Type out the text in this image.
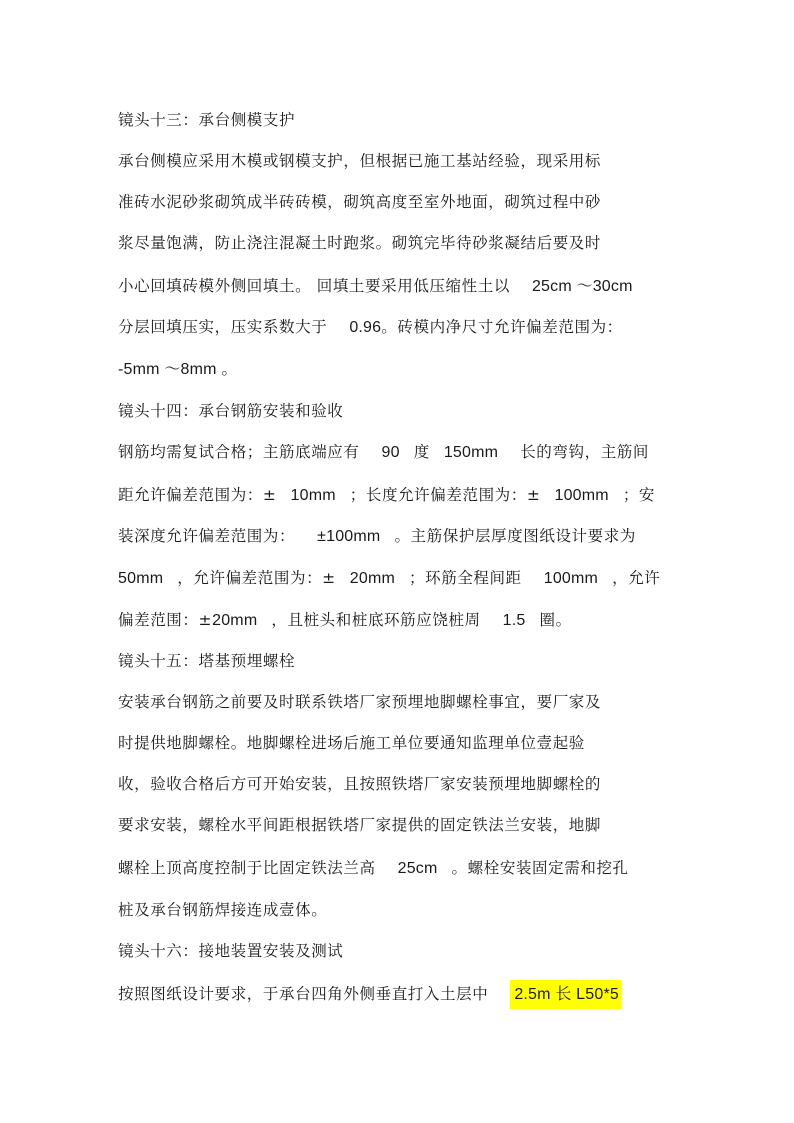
镜头十三：承台侧模支护
承台侧模应采用木模或钢模支护，但根据已施工基站经验，现采用标
准砖水泥砂浆砌筑成半砖砖模，砌筑高度至室外地面，砌筑过程中砂
浆尽量饱满，防止浇注混凝土时跑浆。砌筑完毕待砂浆凝结后要及时
小心回填砖模外侧回填土。 回填土要采用低压缩性土以 25cm ～30cm
分层回填压实，压实系数大于 0.96。砖模内净尺寸允许偏差范围为：
-5mm ～8mm 。
镜头十四：承台钢筋安装和验收
钢筋均需复试合格；主筋底端应有 90 度 150mm 长的弯钩，主筋间
距允许偏差范围为：± 10mm ；长度允许偏差范围为：± 100mm ；安
装深度允许偏差范围为： ±100mm 。主筋保护层厚度图纸设计要求为
50mm ，允许偏差范围为：± 20mm ；环筋全程间距 100mm ，允许
偏差范围：±20mm ，且桩头和桩底环筋应饶桩周 1.5 圈。
镜头十五：塔基预埋螺栓
安装承台钢筋之前要及时联系铁塔厂家预埋地脚螺栓事宜，要厂家及
时提供地脚螺栓。地脚螺栓进场后施工单位要通知监理单位壹起验
收，验收合格后方可开始安装，且按照铁塔厂家安装预埋地脚螺栓的
要求安装，螺栓水平间距根据铁塔厂家提供的固定铁法兰安装，地脚
螺栓上顶高度控制于比固定铁法兰高 25cm 。螺栓安装固定需和挖孔
桩及承台钢筋焊接连成壹体。
镜头十六：接地装置安装及测试
按照图纸设计要求，于承台四角外侧垂直打入土层中 2.5m 长 L50*5
